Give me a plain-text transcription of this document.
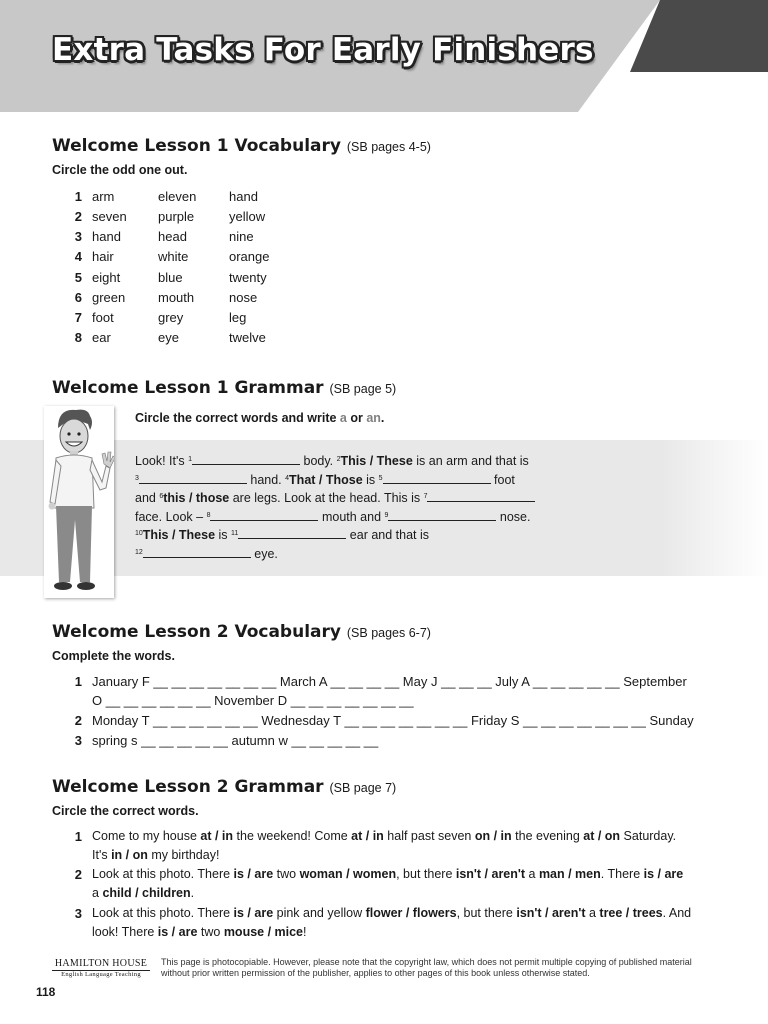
Extra Tasks For Early Finishers
Welcome Lesson 1 Vocabulary (SB pages 4-5)
Circle the odd one out.
1 arm	eleven	hand
2 seven purple	yellow
3 hand	head	nine
4 hair	white	orange
5 eight	blue	twenty
6 green	mouth	nose
7 foot	grey	leg
8 ear	eye	twelve
Welcome Lesson 1 Grammar (SB page 5)
Circle the correct words and write a or an.
Look! It's $^1$	body. $^2$This / These is an arm and that is
$^3$	hand. $^4$That / Those is $^5$	foot
and $^6$this / those are legs. Look at the head. This is $^7$
face. Look – $^8$	mouth and $^9$	nose.
$^{10}$This / These is $^{11}$	ear and that is
$^{12}$	eye.
Welcome Lesson 2 Vocabulary (SB pages 6-7)
Complete the words.
1 January F __ __ __ __ __ __ __ March A __ __ __ __ May J __ __ __ July A __ __ __ __ __ September
O __ __ __ __ __ __ November D __ __ __ __ __ __ __
2 Monday T __ __ __ __ __ __ Wednesday T __ __ __ __ __ __ __ Friday S __ __ __ __ __ __ __ Sunday
3 spring s __ __ __ __ __ autumn w __ __ __ __ __
Welcome Lesson 2 Grammar (SB page 7)
Circle the correct words.
1 Come to my house at / in the weekend! Come at / in half past seven on / in the evening at / on Saturday. It's in / on my birthday!
2 Look at this photo. There is / are two woman / women, but there isn't / aren't a man / men. There is / are a child / children.
3 Look at this photo. There is / are pink and yellow flower / flowers, but there isn't / aren't a tree / trees. And look! There is / are two mouse / mice!
HAMILTON HOUSE
English Language Teaching
This page is photocopiable. However, please note that the copyright law, which does not permit multiple copying of published material without prior written permission of the publisher, applies to other pages of this book unless otherwise stated.
118
